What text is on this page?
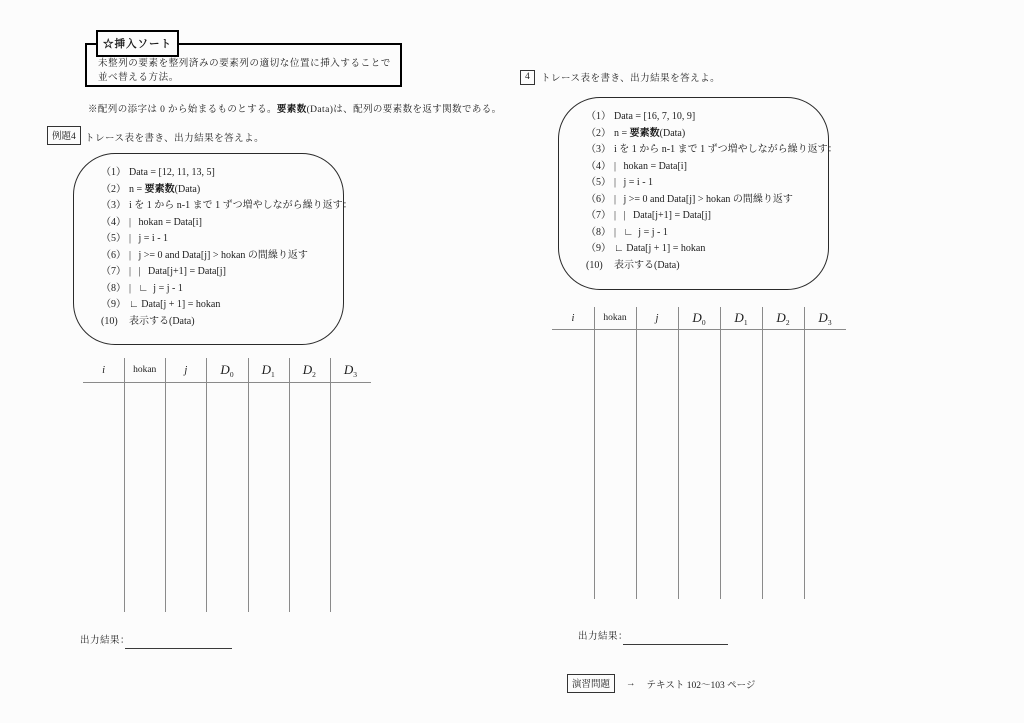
未整列の要素を整列済みの要素列の適切な位置に挿入することで並べ替える方法。
☆挿入ソート
※配列の添字は 0 から始まるものとする。要素数(Data)は、配列の要素数を返す関数である。
例題4 トレース表を書き、出力結果を答えよ。
（1） Data = [12, 11, 13, 5]
（2） n = 要素数(Data)
（3） i を 1 から n-1 まで 1 ずつ増やしながら繰り返す：
（4） |   hokan = Data[i]
（5） |   j = i - 1
（6） |   j >= 0 and Data[j] > hokan の間繰り返す
（7） |   |   Data[j+1] = Data[j]
（8） |   ∟  j = j - 1
（9） ∟ Data[j + 1] = hokan
(10) 表示する(Data)
i	hokan	j	$D_0$	$D_1$	$D_2$	$D_3$
出力結果：
4	トレース表を書き、出力結果を答えよ。
（1） Data = [16, 7, 10, 9]
（2） n = 要素数(Data)
（3） i を 1 から n-1 まで 1 ずつ増やしながら繰り返す：
（4） |   hokan = Data[i]
（5） |   j = i - 1
（6） |   j >= 0 and Data[j] > hokan の間繰り返す
（7） |   |   Data[j+1] = Data[j]
（8） |   ∟  j = j - 1
（9） ∟ Data[j + 1] = hokan
(10) 表示する(Data)
i	hokan	j	$D_0$	$D_1$	$D_2$	$D_3$
出力結果：
演習問題	→ テキスト 102～103 ページ
